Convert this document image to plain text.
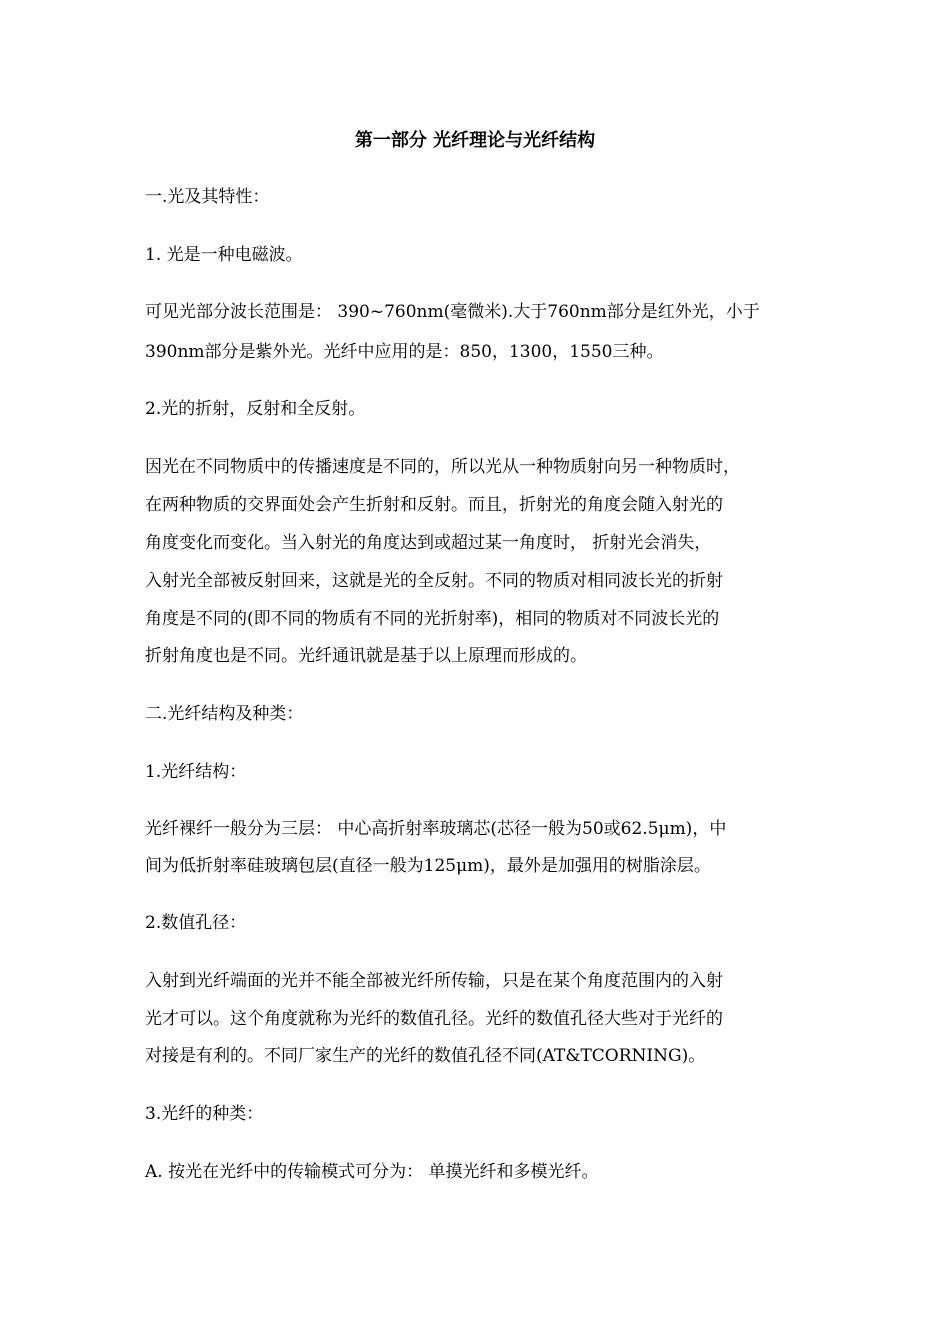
第一部分 光纤理论与光纤结构
一.光及其特性：
1. 光是一种电磁波。
可见光部分波长范围是： 390~760nm(毫微米).大于760nm部分是红外光，小于
390nm部分是紫外光。光纤中应用的是：850，1300，1550三种。
2.光的折射，反射和全反射。
因光在不同物质中的传播速度是不同的，所以光从一种物质射向另一种物质时，
在两种物质的交界面处会产生折射和反射。而且，折射光的角度会随入射光的
角度变化而变化。当入射光的角度达到或超过某一角度时， 折射光会消失，
入射光全部被反射回来，这就是光的全反射。不同的物质对相同波长光的折射
角度是不同的(即不同的物质有不同的光折射率)，相同的物质对不同波长光的
折射角度也是不同。光纤通讯就是基于以上原理而形成的。
二.光纤结构及种类：
1.光纤结构：
光纤裸纤一般分为三层： 中心高折射率玻璃芯(芯径一般为50或62.5μm)，中
间为低折射率硅玻璃包层(直径一般为125μm)，最外是加强用的树脂涂层。
2.数值孔径：
入射到光纤端面的光并不能全部被光纤所传输，只是在某个角度范围内的入射
光才可以。这个角度就称为光纤的数值孔径。光纤的数值孔径大些对于光纤的
对接是有利的。不同厂家生产的光纤的数值孔径不同(AT&TCORNING)。
3.光纤的种类：
A. 按光在光纤中的传输模式可分为： 单摸光纤和多模光纤。
